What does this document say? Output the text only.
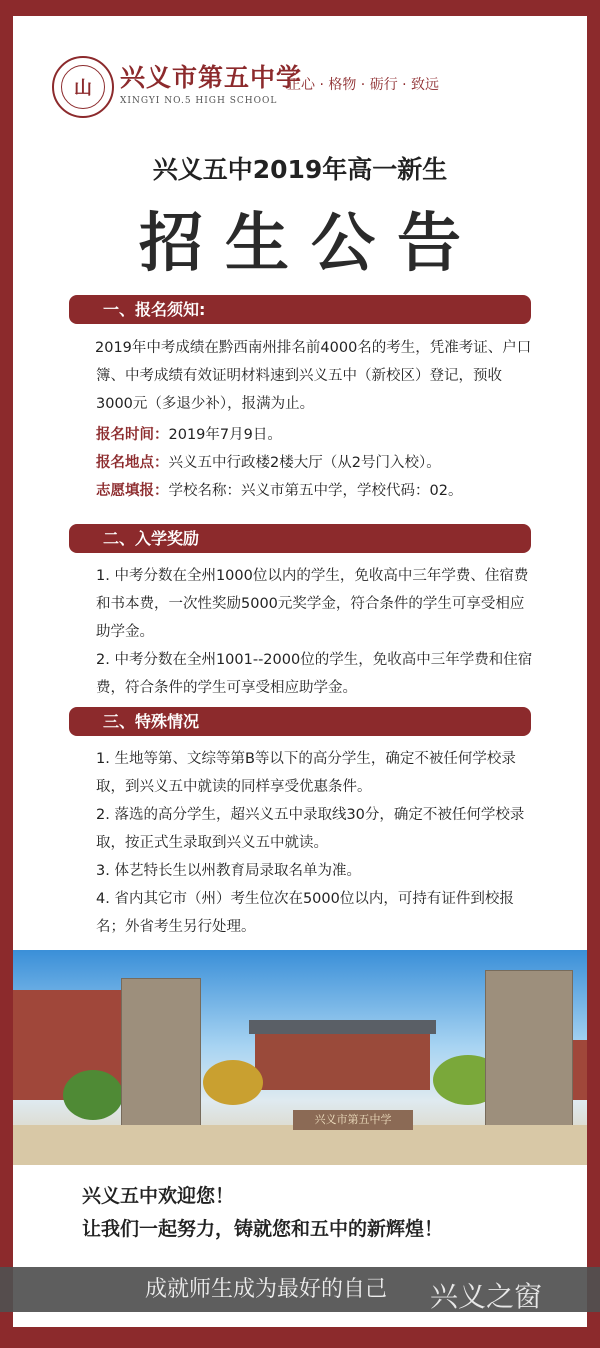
山	兴义市第五中学
XINGYI NO.5 HIGH SCHOOL
正心 · 格物 · 砺行 · 致远
兴义五中2019年高一新生
招生公告
一、报名须知:

2019年中考成绩在黔西南州排名前4000名的考生，凭准考证、户口簿、中考成绩有效证明材料速到兴义五中（新校区）登记，预收3000元（多退少补），报满为止。

报名时间：2019年7月9日。

报名地点：兴义五中行政楼2楼大厅（从2号门入校）。

志愿填报：学校名称：兴义市第五中学，学校代码：02。

二、入学奖励

1. 中考分数在全州1000位以内的学生，免收高中三年学费、住宿费和书本费，一次性奖励5000元奖学金，符合条件的学生可享受相应助学金。

2. 中考分数在全州1001--2000位的学生，免收高中三年学费和住宿费，符合条件的学生可享受相应助学金。

三、特殊情况

1. 生地等第、文综等第B等以下的高分学生，确定不被任何学校录取，到兴义五中就读的同样享受优惠条件。

2. 落选的高分学生，超兴义五中录取线30分，确定不被任何学校录取，按正式生录取到兴义五中就读。

3. 体艺特长生以州教育局录取名单为准。

4. 省内其它市（州）考生位次在5000位以内，可持有证件到校报名；外省考生另行处理。

兴义市第五中学
兴义五中欢迎您！
让我们一起努力，铸就您和五中的新辉煌！
成就师生成为最好的自己	兴义之窗
www.xyzc.cn
